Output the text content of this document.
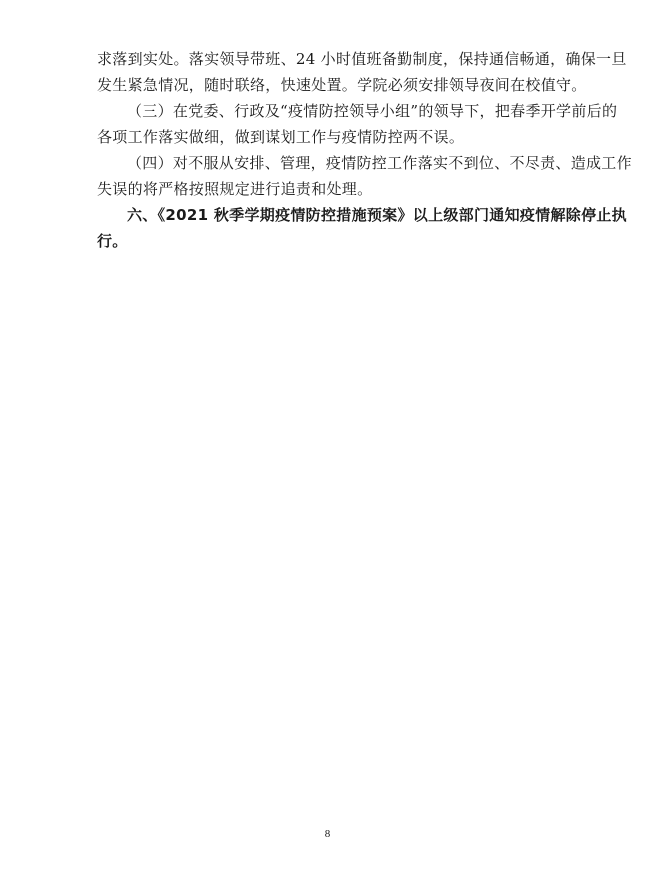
求落到实处。落实领导带班、24 小时值班备勤制度，保持通信畅通，确保一旦
发生紧急情况，随时联络，快速处置。学院必须安排领导夜间在校值守。
（三）在党委、行政及“疫情防控领导小组”的领导下，把春季开学前后的
各项工作落实做细，做到谋划工作与疫情防控两不误。
（四）对不服从安排、管理，疫情防控工作落实不到位、不尽责、造成工作
失误的将严格按照规定进行追责和处理。
六、《2021 秋季学期疫情防控措施预案》以上级部门通知疫情解除停止执
行。
8
